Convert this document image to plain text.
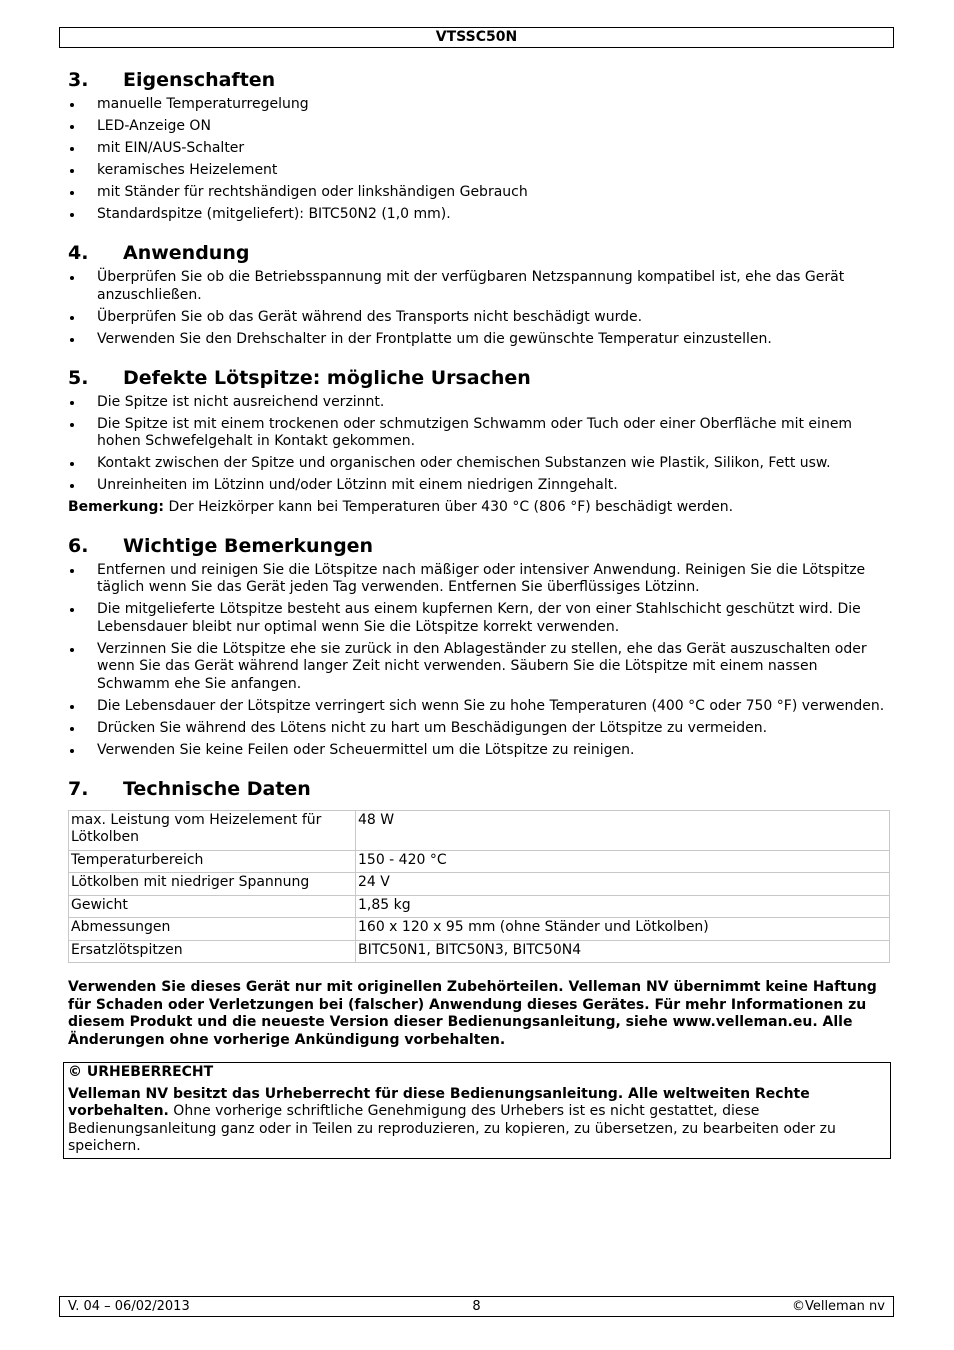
VTSSC50N
3. Eigenschaften
manuelle Temperaturregelung
LED-Anzeige ON
mit EIN/AUS-Schalter
keramisches Heizelement
mit Ständer für rechtshändigen oder linkshändigen Gebrauch
Standardspitze (mitgeliefert): BITC50N2 (1,0 mm).
4. Anwendung
Überprüfen Sie ob die Betriebsspannung mit der verfügbaren Netzspannung kompatibel ist, ehe das Gerät anzuschließen.
Überprüfen Sie ob das Gerät während des Transports nicht beschädigt wurde.
Verwenden Sie den Drehschalter in der Frontplatte um die gewünschte Temperatur einzustellen.
5. Defekte Lötspitze: mögliche Ursachen
Die Spitze ist nicht ausreichend verzinnt.
Die Spitze ist mit einem trockenen oder schmutzigen Schwamm oder Tuch oder einer Oberfläche mit einem hohen Schwefelgehalt in Kontakt gekommen.
Kontakt zwischen der Spitze und organischen oder chemischen Substanzen wie Plastik, Silikon, Fett usw.
Unreinheiten im Lötzinn und/oder Lötzinn mit einem niedrigen Zinngehalt.
Bemerkung: Der Heizkörper kann bei Temperaturen über 430 °C (806 °F) beschädigt werden.
6. Wichtige Bemerkungen
Entfernen und reinigen Sie die Lötspitze nach mäßiger oder intensiver Anwendung. Reinigen Sie die Lötspitze täglich wenn Sie das Gerät jeden Tag verwenden. Entfernen Sie überflüssiges Lötzinn.
Die mitgelieferte Lötspitze besteht aus einem kupfernen Kern, der von einer Stahlschicht geschützt wird. Die Lebensdauer bleibt nur optimal wenn Sie die Lötspitze korrekt verwenden.
Verzinnen Sie die Lötspitze ehe sie zurück in den Ablageständer zu stellen, ehe das Gerät auszuschalten oder wenn Sie das Gerät während langer Zeit nicht verwenden. Säubern Sie die Lötspitze mit einem nassen Schwamm ehe Sie anfangen.
Die Lebensdauer der Lötspitze verringert sich wenn Sie zu hohe Temperaturen (400 °C oder 750 °F) verwenden.
Drücken Sie während des Lötens nicht zu hart um Beschädigungen der Lötspitze zu vermeiden.
Verwenden Sie keine Feilen oder Scheuermittel um die Lötspitze zu reinigen.
7. Technische Daten
max. Leistung vom Heizelement für Lötkolben	48 W
Temperaturbereich	150 - 420 °C
Lötkolben mit niedriger Spannung	24 V
Gewicht	1,85 kg
Abmessungen	160 x 120 x 95 mm (ohne Ständer und Lötkolben)
Ersatzlötspitzen	BITC50N1, BITC50N3, BITC50N4
Verwenden Sie dieses Gerät nur mit originellen Zubehörteilen. Velleman NV übernimmt keine Haftung für Schaden oder Verletzungen bei (falscher) Anwendung dieses Gerätes. Für mehr Informationen zu diesem Produkt und die neueste Version dieser Bedienungsanleitung, siehe www.velleman.eu. Alle Änderungen ohne vorherige Ankündigung vorbehalten.
© URHEBERRECHT
Velleman NV besitzt das Urheberrecht für diese Bedienungsanleitung. Alle weltweiten Rechte vorbehalten. Ohne vorherige schriftliche Genehmigung des Urhebers ist es nicht gestattet, diese Bedienungsanleitung ganz oder in Teilen zu reproduzieren, zu kopieren, zu übersetzen, zu bearbeiten oder zu speichern.
V. 04 – 06/02/2013	8	©Velleman nv
